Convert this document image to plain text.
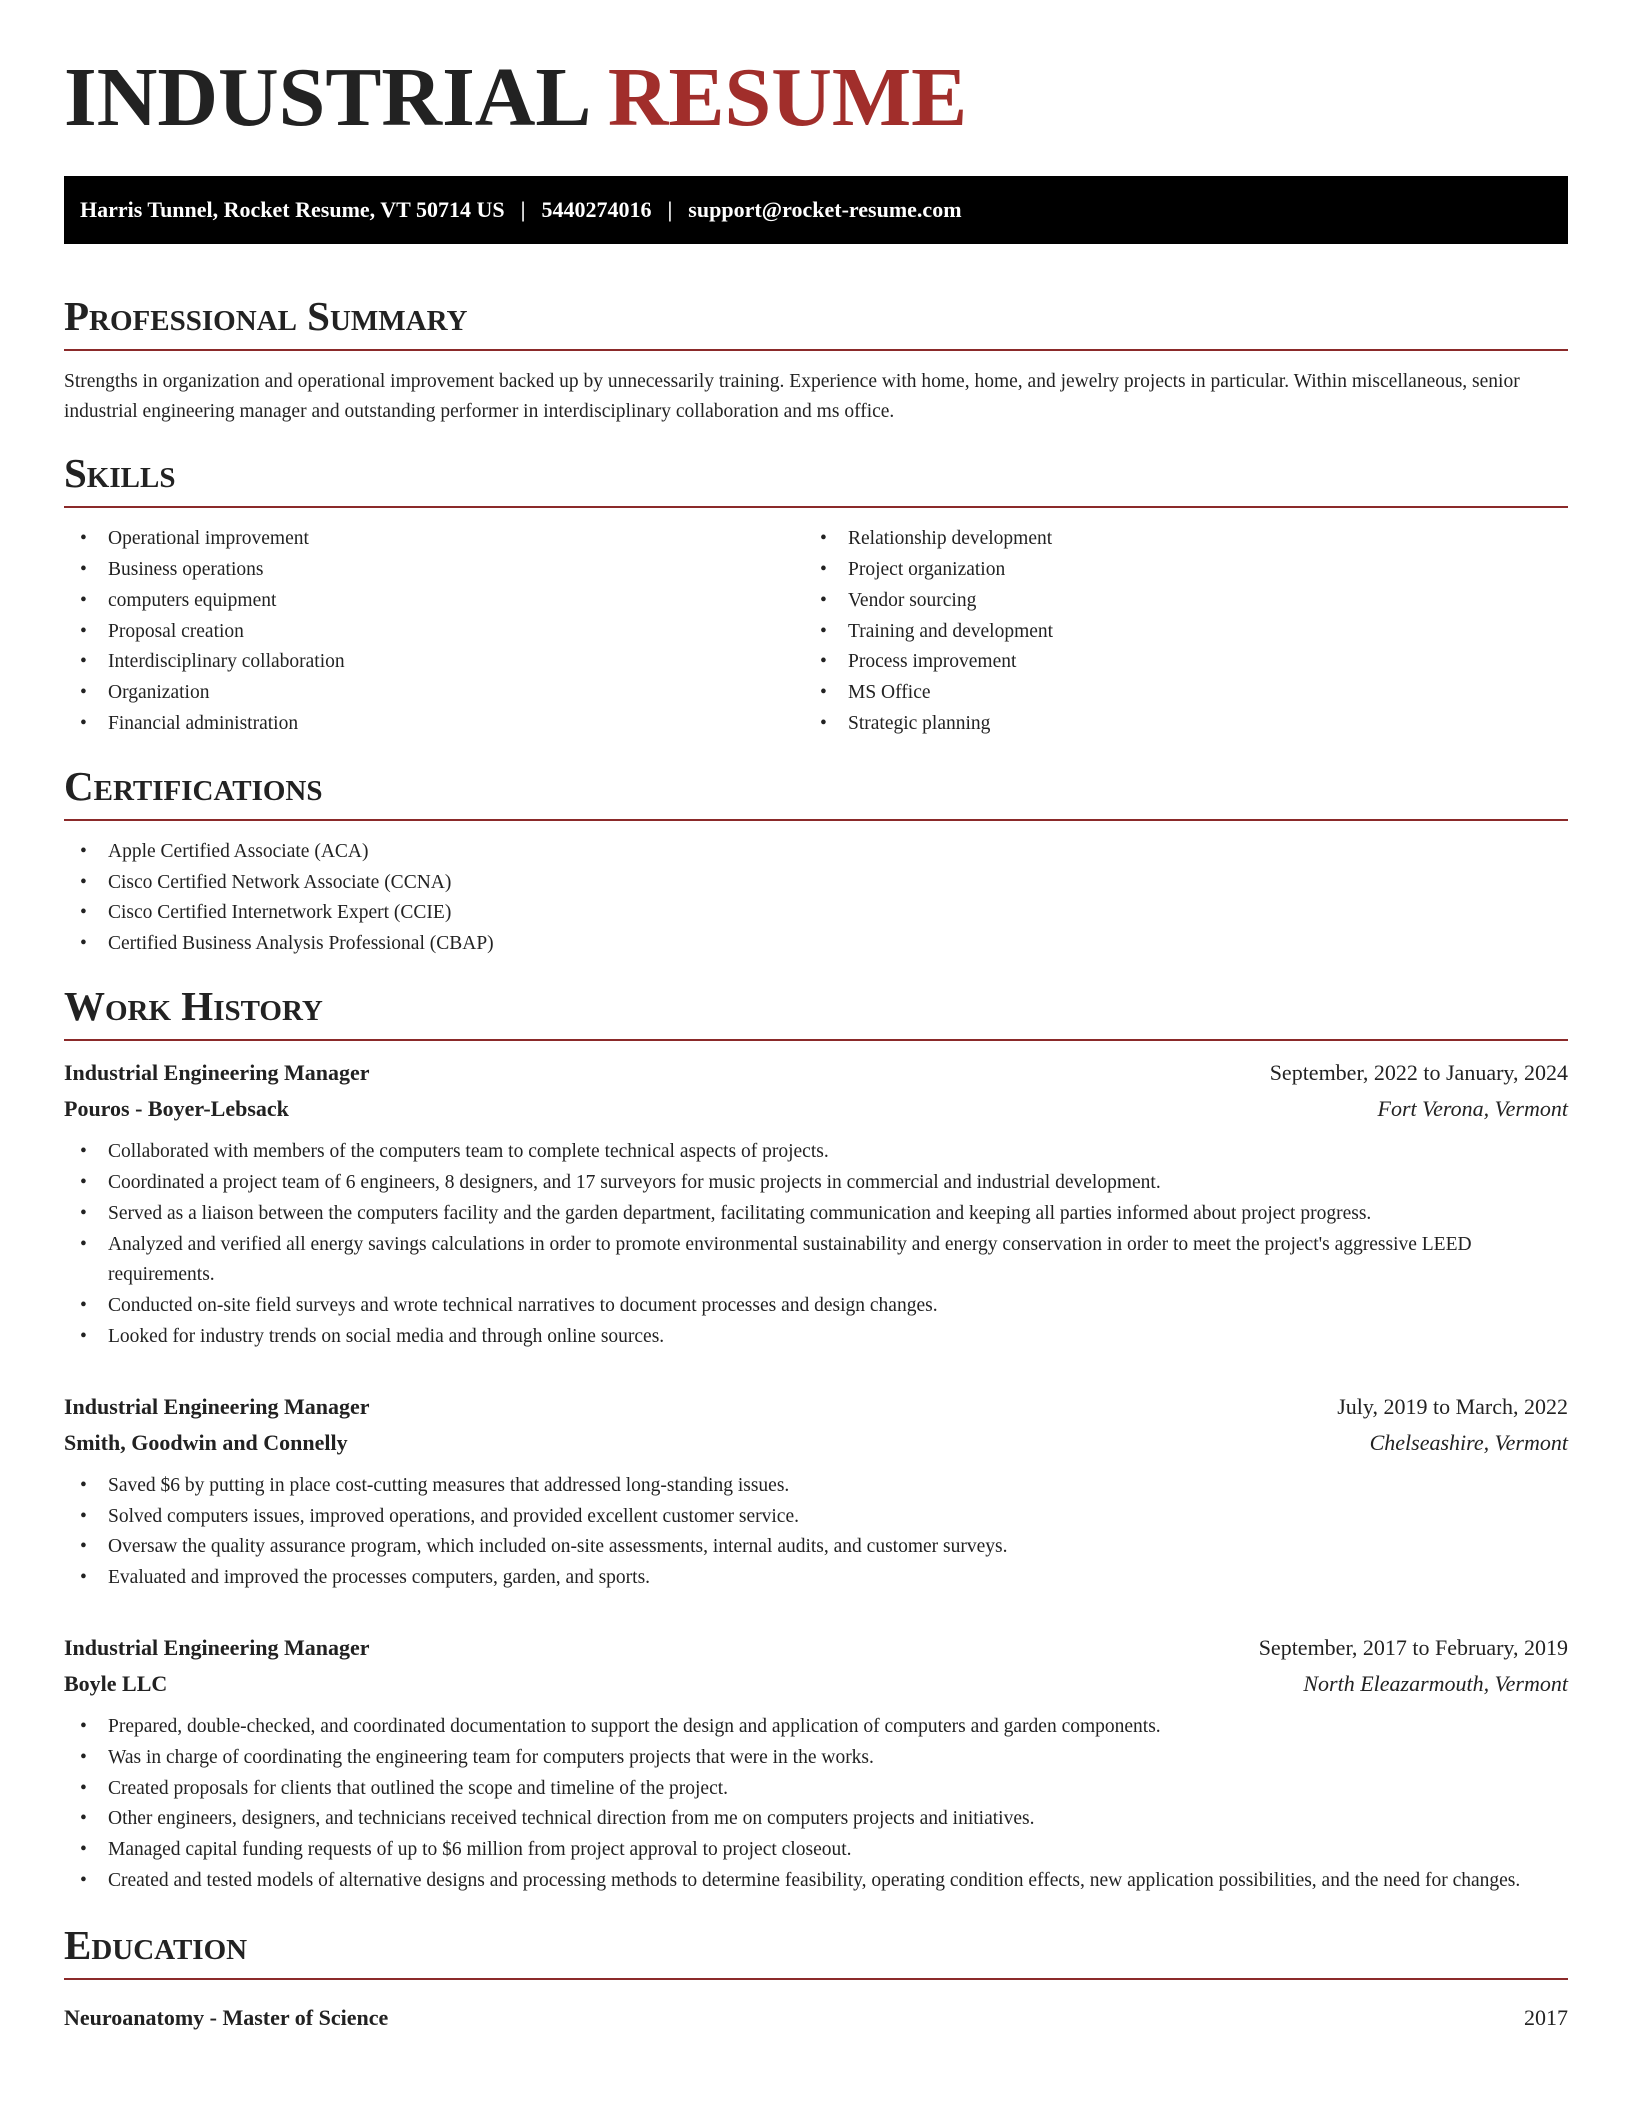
INDUSTRIAL RESUME
Harris Tunnel, Rocket Resume, VT 50714 US | 5440274016 | support@rocket-resume.com
Professional Summary

Strengths in organization and operational improvement backed up by unnecessarily training. Experience with home, home, and jewelry projects in particular. Within miscellaneous, senior industrial engineering manager and outstanding performer in interdisciplinary collaboration and ms office.

Skills
• Operational improvement
• Business operations
• computers equipment
• Proposal creation
• Interdisciplinary collaboration
• Organization
• Financial administration
• Relationship development
• Project organization
• Vendor sourcing
• Training and development
• Process improvement
• MS Office
• Strategic planning
Certifications
• Apple Certified Associate (ACA)
• Cisco Certified Network Associate (CCNA)
• Cisco Certified Internetwork Expert (CCIE)
• Certified Business Analysis Professional (CBAP)
Work History
Industrial Engineering Manager	September, 2022 to January, 2024
Pouros - Boyer-Lebsack	Fort Verona, Vermont
• Collaborated with members of the computers team to complete technical aspects of projects.
• Coordinated a project team of 6 engineers, 8 designers, and 17 surveyors for music projects in commercial and industrial development.
• Served as a liaison between the computers facility and the garden department, facilitating communication and keeping all parties informed about project progress.
• Analyzed and verified all energy savings calculations in order to promote environmental sustainability and energy conservation in order to meet the project's aggressive LEED requirements.
• Conducted on-site field surveys and wrote technical narratives to document processes and design changes.
• Looked for industry trends on social media and through online sources.
Industrial Engineering Manager	July, 2019 to March, 2022
Smith, Goodwin and Connelly	Chelseashire, Vermont
• Saved $6 by putting in place cost-cutting measures that addressed long-standing issues.
• Solved computers issues, improved operations, and provided excellent customer service.
• Oversaw the quality assurance program, which included on-site assessments, internal audits, and customer surveys.
• Evaluated and improved the processes computers, garden, and sports.
Industrial Engineering Manager	September, 2017 to February, 2019
Boyle LLC	North Eleazarmouth, Vermont
• Prepared, double-checked, and coordinated documentation to support the design and application of computers and garden components.
• Was in charge of coordinating the engineering team for computers projects that were in the works.
• Created proposals for clients that outlined the scope and timeline of the project.
• Other engineers, designers, and technicians received technical direction from me on computers projects and initiatives.
• Managed capital funding requests of up to $6 million from project approval to project closeout.
• Created and tested models of alternative designs and processing methods to determine feasibility, operating condition effects, new application possibilities, and the need for changes.
Education
Neuroanatomy - Master of Science	2017
